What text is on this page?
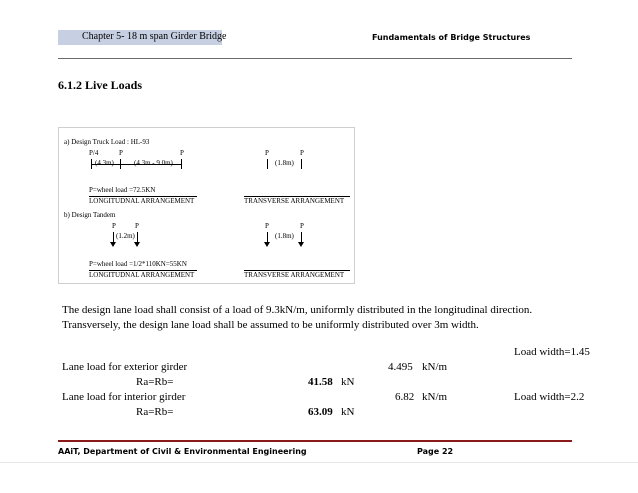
Chapter 5- 18 m span Girder Bridge	Fundamentals of Bridge Structures
6.1.2 Live Loads
a) Design Truck Load : HL-93
P/4	P	P
(4.3m)	(4.3m - 9.0m)
P=wheel load =72.5KN
LONGITUDNAL ARRANGEMENT
P	P
(1.8m)
TRANSVERSE ARRANGEMENT
b) Design Tandem
P	P
(1.2m)
P=wheel load =1/2*110KN=55KN
LONGITUDNAL ARRANGEMENT
P	P
(1.8m)
TRANSVERSE ARRANGEMENT
The design lane load shall consist of a load of 9.3kN/m, uniformly distributed in the longitudinal direction.
Transversely, the design lane load shall be assumed to be uniformly distributed over 3m width.
Load width=1.45
Lane load for exterior girder	4.495 kN/m
Ra=Rb=	41.58 kN
Lane load for interior girder	6.82 kN/m	Load width=2.2
Ra=Rb=	63.09 kN
AAiT, Department of Civil & Environmental Engineering	Page 22
